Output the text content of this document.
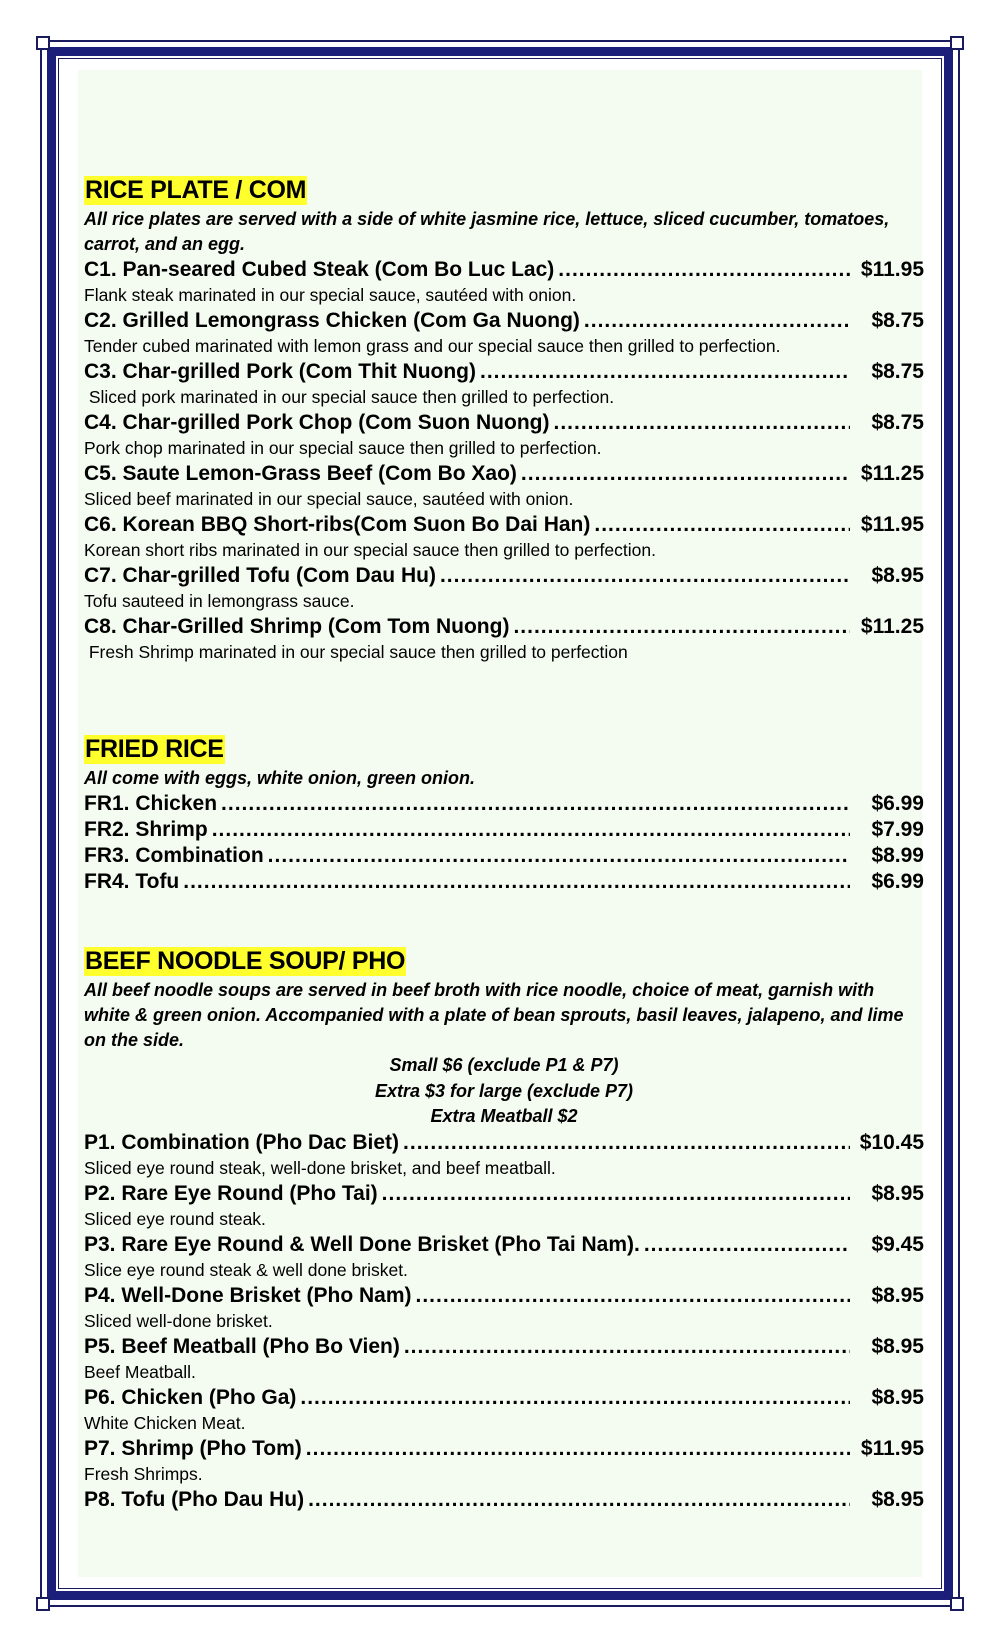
RICE PLATE / COM
All rice plates are served with a side of white jasmine rice, lettuce, sliced cucumber, tomatoes, carrot, and an egg.
C1. Pan-seared Cubed Steak (Com Bo Luc Lac) .....	$11.95
Flank steak marinated in our special sauce, sautéed with onion.
C2. Grilled Lemongrass Chicken (Com Ga Nuong) .....	$8.75
Tender cubed marinated with lemon grass and our special sauce then grilled to perfection.
C3. Char-grilled Pork (Com Thit Nuong) .....	$8.75
Sliced pork marinated in our special sauce then grilled to perfection.
C4. Char-grilled Pork Chop (Com Suon Nuong) .....	$8.75
Pork chop marinated in our special sauce then grilled to perfection.
C5. Saute Lemon-Grass Beef (Com Bo Xao) .....	$11.25
Sliced beef marinated in our special sauce, sautéed with onion.
C6. Korean BBQ Short-ribs(Com Suon Bo Dai Han) .....	$11.95
Korean short ribs marinated in our special sauce then grilled to perfection.
C7. Char-grilled Tofu (Com Dau Hu) .....	$8.95
Tofu sauteed in lemongrass sauce.
C8. Char-Grilled Shrimp (Com Tom Nuong) .....	$11.25
Fresh Shrimp marinated in our special sauce then grilled to perfection
FRIED RICE
All come with eggs, white onion, green onion.
FR1. Chicken .....	$6.99
FR2. Shrimp .....	$7.99
FR3. Combination .....	$8.99
FR4. Tofu .....	$6.99
BEEF NOODLE SOUP/ PHO
All beef noodle soups are served in beef broth with rice noodle, choice of meat, garnish with white & green onion. Accompanied with a plate of bean sprouts, basil leaves, jalapeno, and lime on the side.
Small $6 (exclude P1 & P7)
Extra $3 for large (exclude P7)
Extra Meatball $2
P1. Combination (Pho Dac Biet) .....	$10.45
Sliced eye round steak, well-done brisket, and beef meatball.
P2. Rare Eye Round (Pho Tai) .....	$8.95
Sliced eye round steak.
P3. Rare Eye Round & Well Done Brisket (Pho Tai Nam). .....	$9.45
Slice eye round steak & well done brisket.
P4. Well-Done Brisket (Pho Nam) .....	$8.95
Sliced well-done brisket.
P5. Beef Meatball (Pho Bo Vien) .....	$8.95
Beef Meatball.
P6. Chicken (Pho Ga) .....	$8.95
White Chicken Meat.
P7. Shrimp (Pho Tom) .....	$11.95
Fresh Shrimps.
P8. Tofu (Pho Dau Hu) .....	$8.95
